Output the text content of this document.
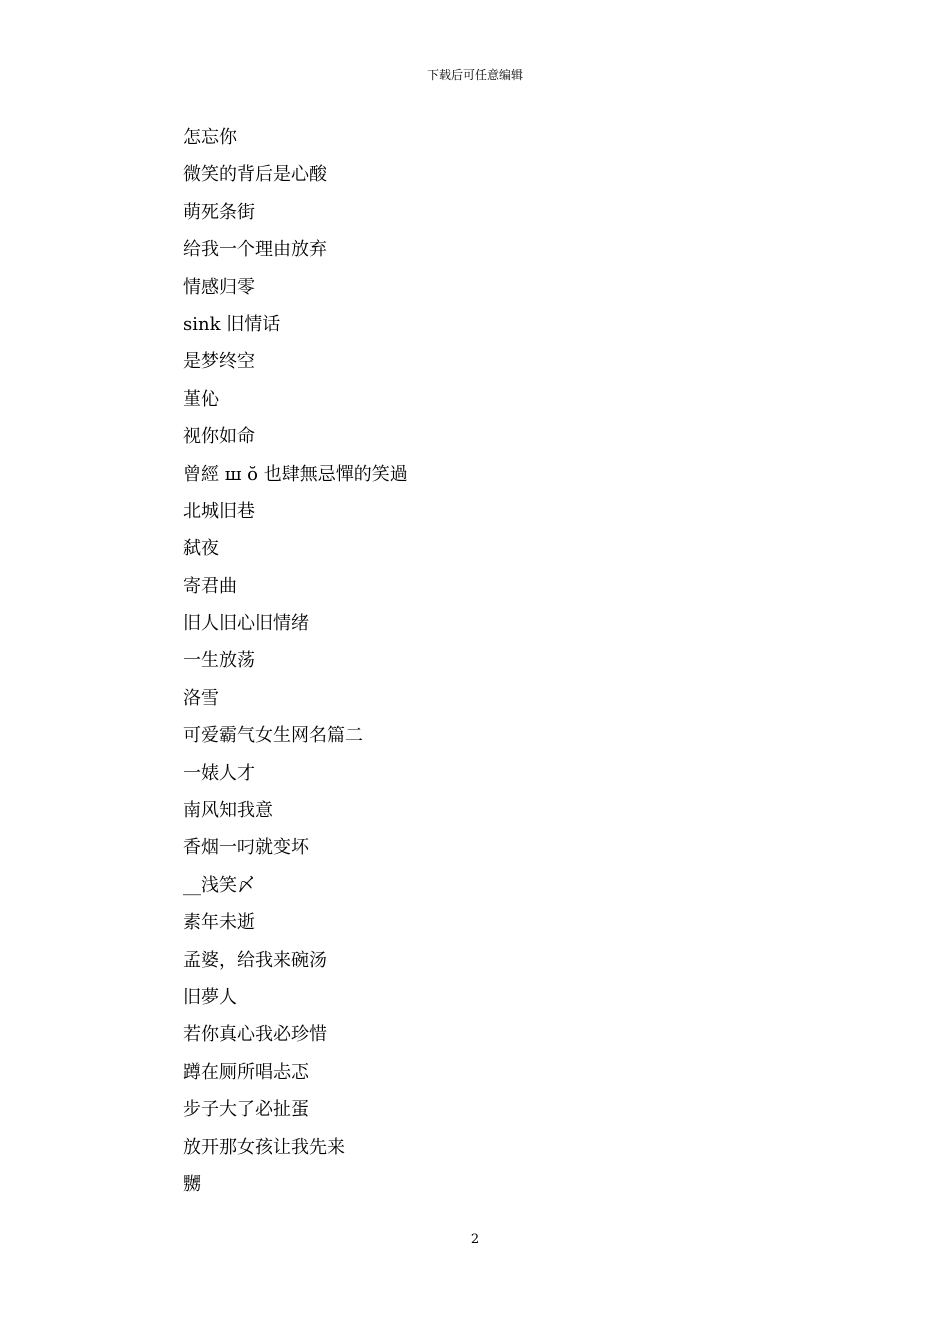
下载后可任意编辑
怎忘你
微笑的背后是心酸
萌死条街
给我一个理由放弃
情感归零
sink 旧情话
是梦终空
堇伈
视你如命
曾經 ш ŏ 也肆無忌憚的笑過
北城旧巷
弑夜
寄君曲
旧人旧心旧情绪
一生放荡
洛雪
可爱霸气女生网名篇二
一婊人才
南风知我意
香烟一叼就变坏
__浅笑〆
素年未逝
孟婆，给我来碗汤
旧夢人
若你真心我必珍惜
蹲在厕所唱忐忑
步子大了必扯蛋
放开那女孩让我先来
嬲
2
